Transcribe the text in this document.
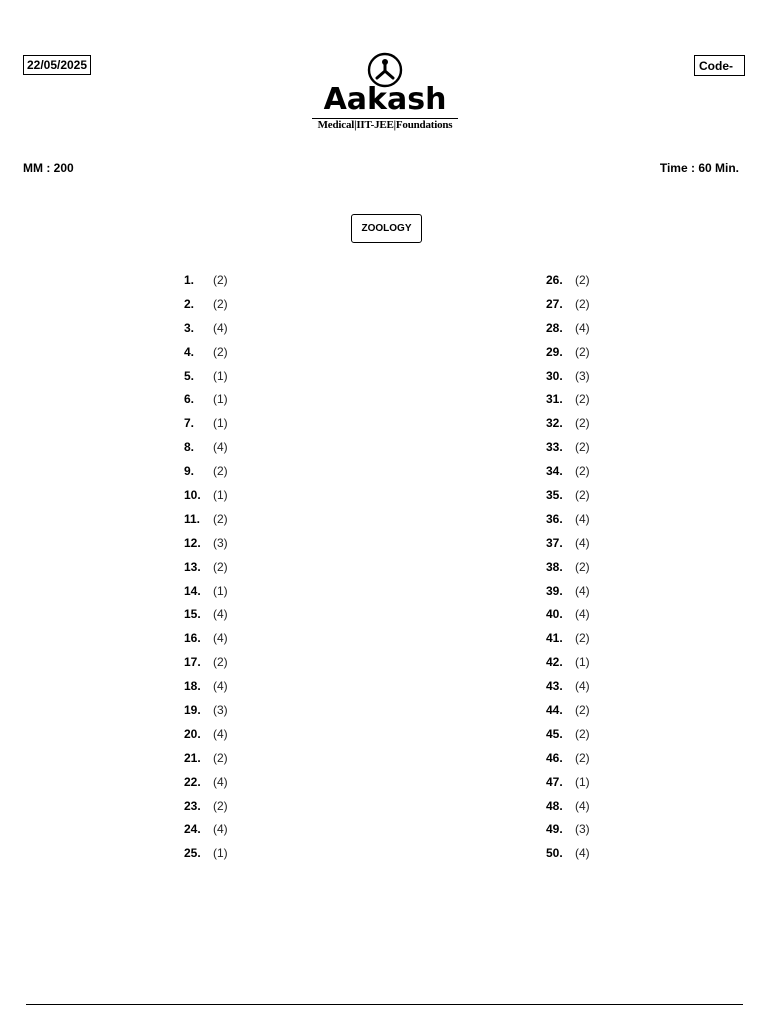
22/05/2025
Aakash
Medical|IIT-JEE|Foundations
Code-
MM : 200	Time : 60 Min.
ZOOLOGY
1.	(2)
2.	(2)
3.	(4)
4.	(2)
5.	(1)
6.	(1)
7.	(1)
8.	(4)
9.	(2)
10.	(1)
11.	(2)
12.	(3)
13.	(2)
14.	(1)
15.	(4)
16.	(4)
17.	(2)
18.	(4)
19.	(3)
20.	(4)
21.	(2)
22.	(4)
23.	(2)
24.	(4)
25.	(1)
26.	(2)
27.	(2)
28.	(4)
29.	(2)
30.	(3)
31.	(2)
32.	(2)
33.	(2)
34.	(2)
35.	(2)
36.	(4)
37.	(4)
38.	(2)
39.	(4)
40.	(4)
41.	(2)
42.	(1)
43.	(4)
44.	(2)
45.	(2)
46.	(2)
47.	(1)
48.	(4)
49.	(3)
50.	(4)
